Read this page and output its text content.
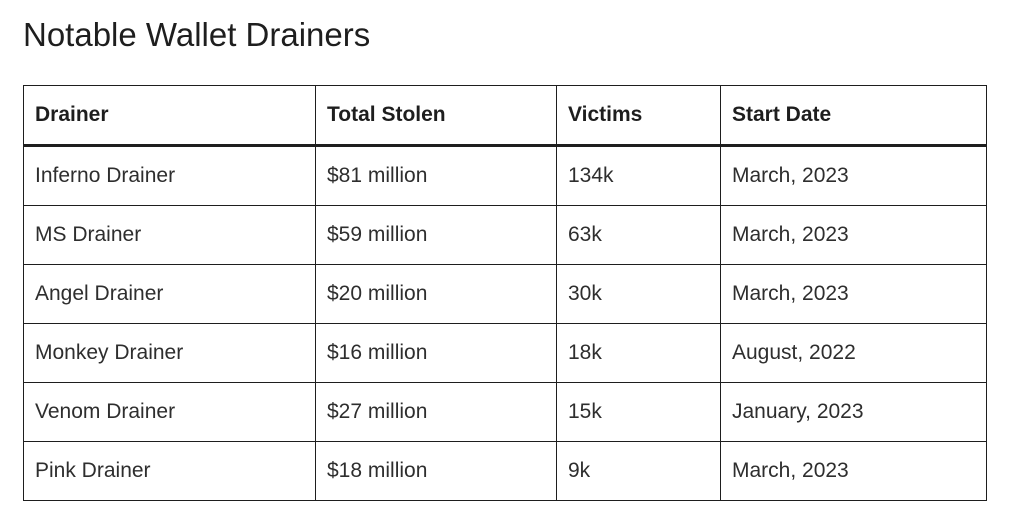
Notable Wallet Drainers
Drainer	Total Stolen	Victims	Start Date
Inferno Drainer	$81 million	134k	March, 2023
MS Drainer	$59 million	63k	March, 2023
Angel Drainer	$20 million	30k	March, 2023
Monkey Drainer	$16 million	18k	August, 2022
Venom Drainer	$27 million	15k	January, 2023
Pink Drainer	$18 million	9k	March, 2023
